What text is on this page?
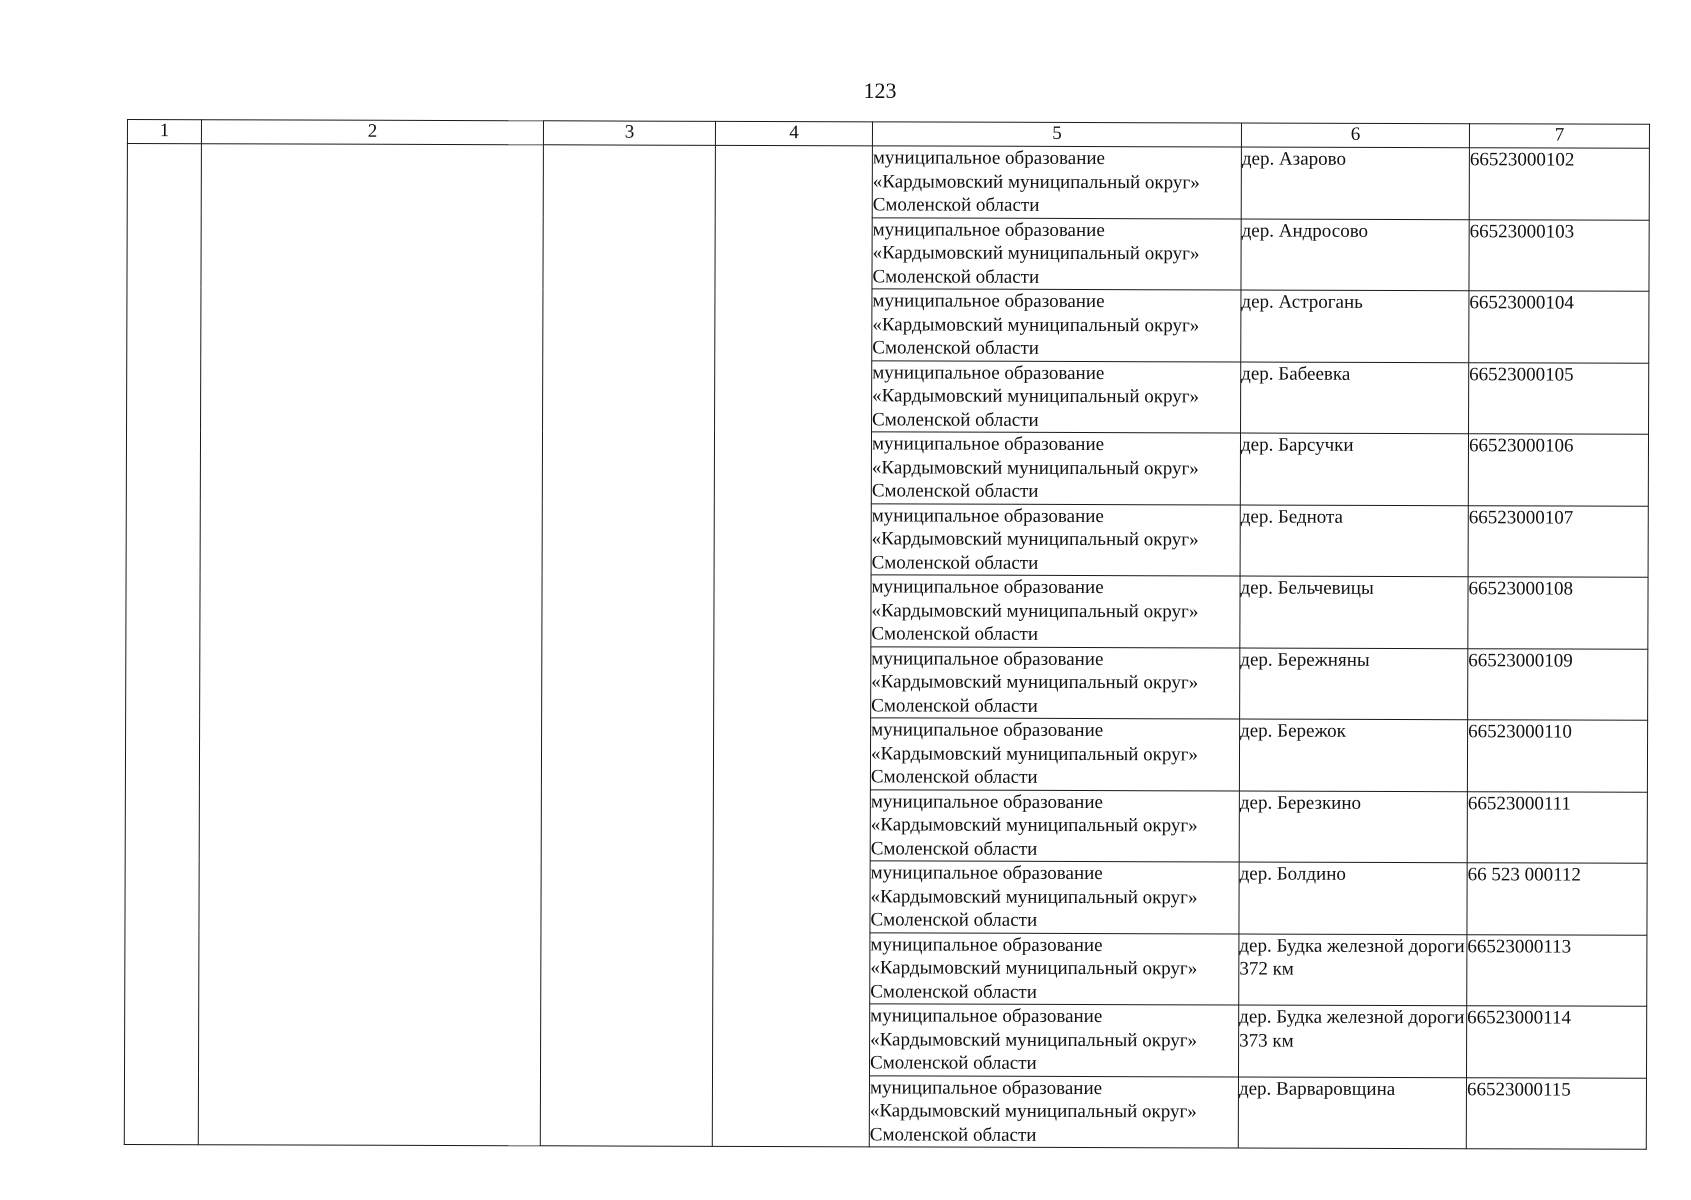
123
1	2	3	4	5	6	7

				муниципальное образование
«Кардымовский муниципальный округ»
Смоленской области	дер. Азарово	66523000102

				муниципальное образование
«Кардымовский муниципальный округ»
Смоленской области	дер. Андросово	66523000103

				муниципальное образование
«Кардымовский муниципальный округ»
Смоленской области	дер. Астрогань	66523000104

				муниципальное образование
«Кардымовский муниципальный округ»
Смоленской области	дер. Бабеевка	66523000105

				муниципальное образование
«Кардымовский муниципальный округ»
Смоленской области	дер. Барсучки	66523000106

				муниципальное образование
«Кардымовский муниципальный округ»
Смоленской области	дер. Беднота	66523000107

				муниципальное образование
«Кардымовский муниципальный округ»
Смоленской области	дер. Бельчевицы	66523000108

				муниципальное образование
«Кардымовский муниципальный округ»
Смоленской области	дер. Бережняны	66523000109

				муниципальное образование
«Кардымовский муниципальный округ»
Смоленской области	дер. Бережок	66523000110

				муниципальное образование
«Кардымовский муниципальный округ»
Смоленской области	дер. Березкино	66523000111

				муниципальное образование
«Кардымовский муниципальный округ»
Смоленской области	дер. Болдино	66 523 000112

				муниципальное образование
«Кардымовский муниципальный округ»
Смоленской области	дер. Будка железной дороги 372 км	66523000113

				муниципальное образование
«Кардымовский муниципальный округ»
Смоленской области	дер. Будка железной дороги 373 км	66523000114

				муниципальное образование
«Кардымовский муниципальный округ»
Смоленской области	дер. Варваровщина	66523000115
